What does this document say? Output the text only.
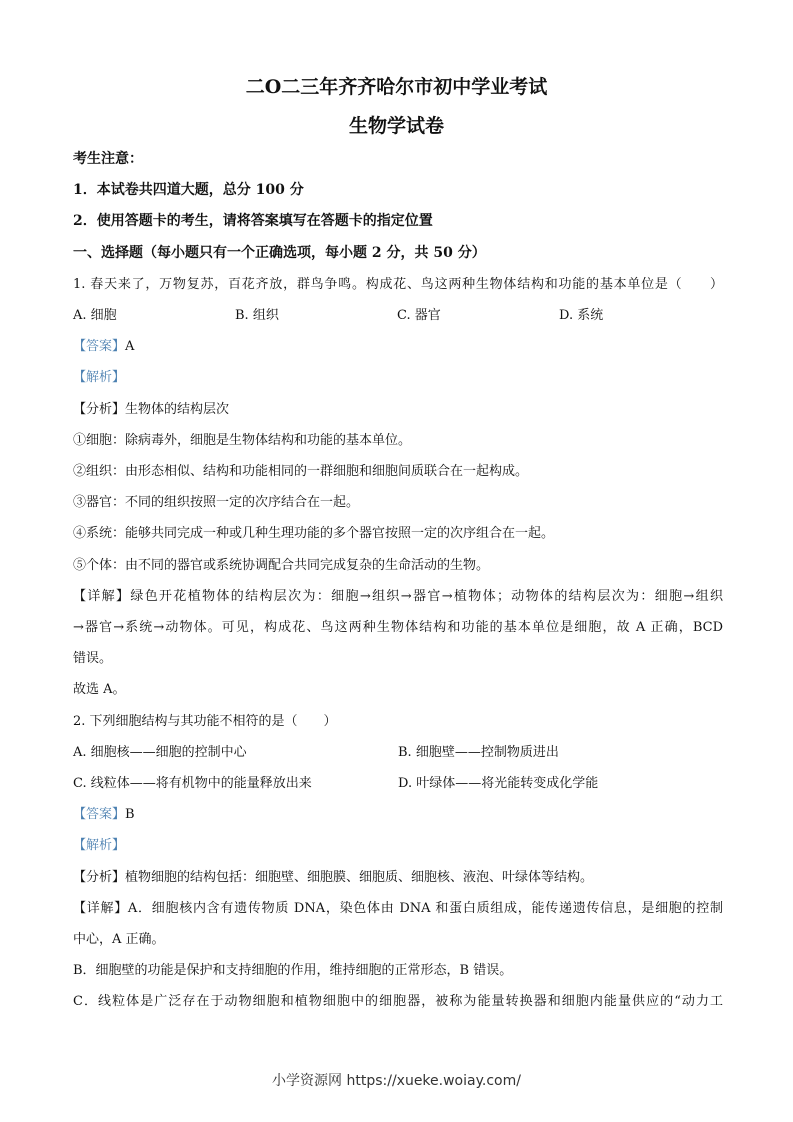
二O二三年齐齐哈尔市初中学业考试
生物学试卷
考生注意：
1．本试卷共四道大题，总分 100 分
2．使用答题卡的考生，请将答案填写在答题卡的指定位置
一、选择题（每小题只有一个正确选项，每小题 2 分，共 50 分）
1. 春天来了，万物复苏，百花齐放，群鸟争鸣。构成花、鸟这两种生物体结构和功能的基本单位是（　　）
A. 细胞	B. 组织	C. 器官	D. 系统
【答案】A
【解析】
【分析】生物体的结构层次
①细胞：除病毒外，细胞是生物体结构和功能的基本单位。
②组织：由形态相似、结构和功能相同的一群细胞和细胞间质联合在一起构成。
③器官：不同的组织按照一定的次序结合在一起。
④系统：能够共同完成一种或几种生理功能的多个器官按照一定的次序组合在一起。
⑤个体：由不同的器官或系统协调配合共同完成复杂的生命活动的生物。
【详解】绿色开花植物体的结构层次为：细胞→组织→器官→植物体；动物体的结构层次为：细胞→组织
→器官→系统→动物体。可见，构成花、鸟这两种生物体结构和功能的基本单位是细胞，故 A 正确，BCD
错误。
故选 A。
2. 下列细胞结构与其功能不相符的是（　　）
A. 细胞核——细胞的控制中心	B. 细胞壁——控制物质进出
C. 线粒体——将有机物中的能量释放出来	D. 叶绿体——将光能转变成化学能
【答案】B
【解析】
【分析】植物细胞的结构包括：细胞壁、细胞膜、细胞质、细胞核、液泡、叶绿体等结构。
【详解】A．细胞核内含有遗传物质 DNA，染色体由 DNA 和蛋白质组成，能传递遗传信息，是细胞的控制
中心，A 正确。
B．细胞壁的功能是保护和支持细胞的作用，维持细胞的正常形态，B 错误。
C．线粒体是广泛存在于动物细胞和植物细胞中的细胞器，被称为能量转换器和细胞内能量供应的“动力工
小学资源网 https://xueke.woiay.com/
